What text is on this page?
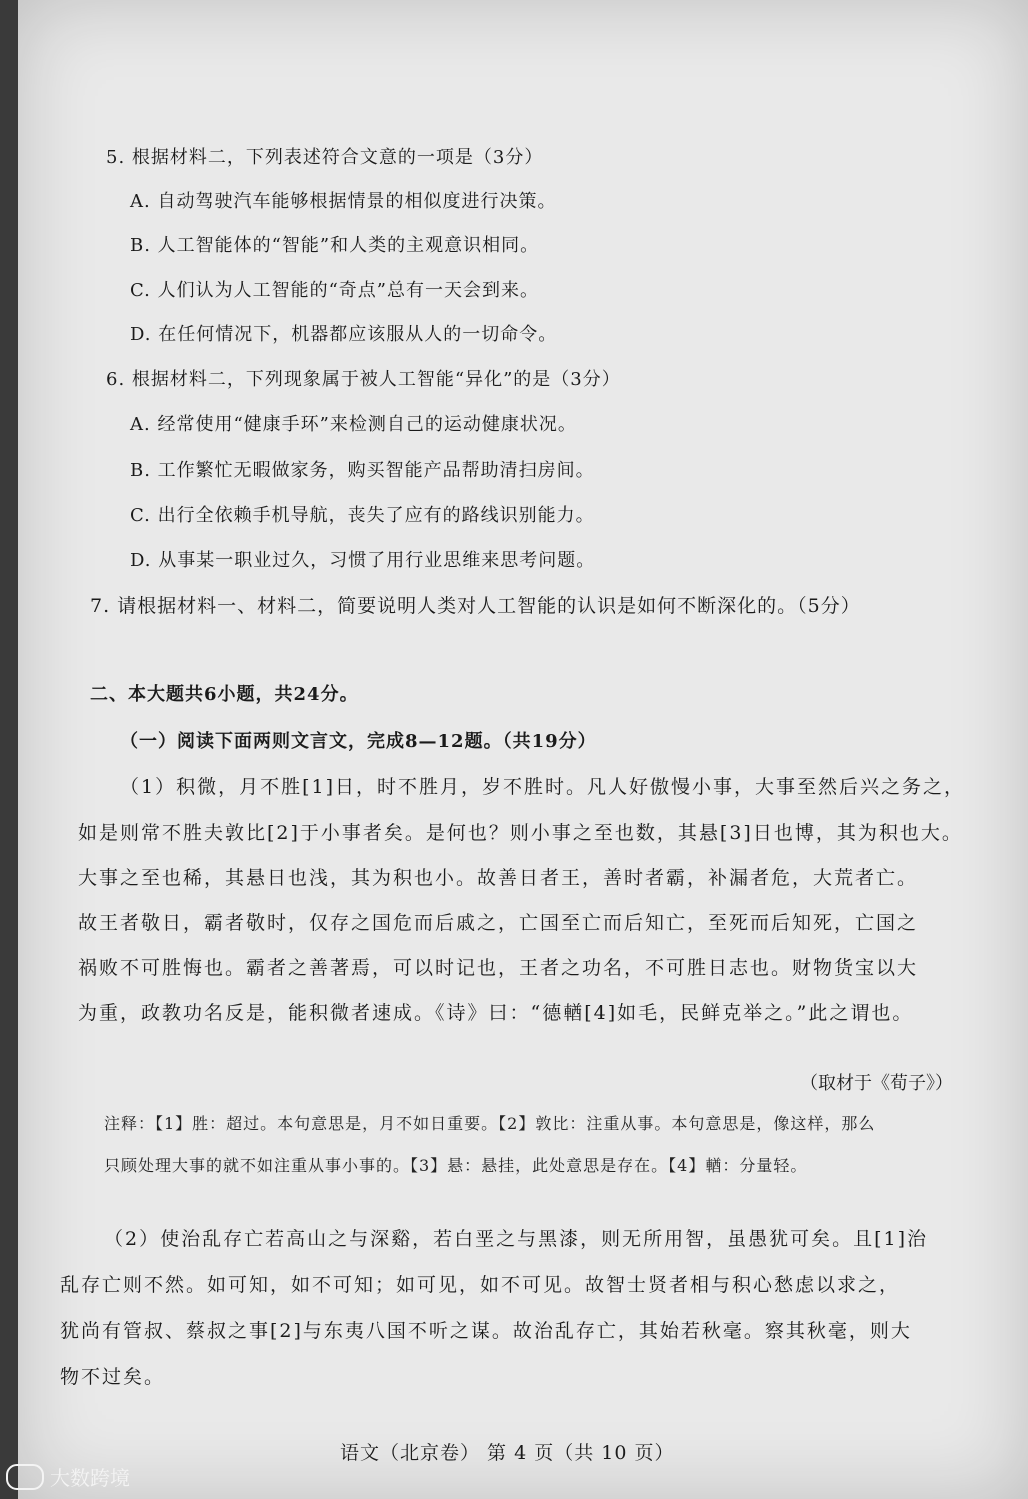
5. 根据材料二，下列表述符合文意的一项是（3分）
A. 自动驾驶汽车能够根据情景的相似度进行决策。
B. 人工智能体的“智能”和人类的主观意识相同。
C. 人们认为人工智能的“奇点”总有一天会到来。
D. 在任何情况下，机器都应该服从人的一切命令。
6. 根据材料二，下列现象属于被人工智能“异化”的是（3分）
A. 经常使用“健康手环”来检测自己的运动健康状况。
B. 工作繁忙无暇做家务，购买智能产品帮助清扫房间。
C. 出行全依赖手机导航，丧失了应有的路线识别能力。
D. 从事某一职业过久，习惯了用行业思维来思考问题。
7. 请根据材料一、材料二，简要说明人类对人工智能的认识是如何不断深化的。（5分）
二、本大题共6小题，共24分。
（一）阅读下面两则文言文，完成8—12题。（共19分）
（1）积微，月不胜[1]日，时不胜月，岁不胜时。凡人好傲慢小事，大事至然后兴之务之，
如是则常不胜夫敦比[2]于小事者矣。是何也？则小事之至也数，其悬[3]日也博，其为积也大。
大事之至也稀，其悬日也浅，其为积也小。故善日者王，善时者霸，补漏者危，大荒者亡。
故王者敬日，霸者敬时，仅存之国危而后戚之，亡国至亡而后知亡，至死而后知死，亡国之
祸败不可胜悔也。霸者之善著焉，可以时记也，王者之功名，不可胜日志也。财物货宝以大
为重，政教功名反是，能积微者速成。《诗》曰：“德輶[4]如毛，民鲜克举之。”此之谓也。
（取材于《荀子》）
注释：【1】胜：超过。本句意思是，月不如日重要。【2】敦比：注重从事。本句意思是，像这样，那么
只顾处理大事的就不如注重从事小事的。【3】悬：悬挂，此处意思是存在。【4】輶：分量轻。
（2）使治乱存亡若高山之与深谿，若白垩之与黑漆，则无所用智，虽愚犹可矣。且[1]治
乱存亡则不然。如可知，如不可知；如可见，如不可见。故智士贤者相与积心愁虑以求之，
犹尚有管叔、蔡叔之事[2]与东夷八国不听之谋。故治乱存亡，其始若秋毫。察其秋毫，则大
物不过矣。
语文（北京卷） 第 4 页（共 10 页）
大数跨境
